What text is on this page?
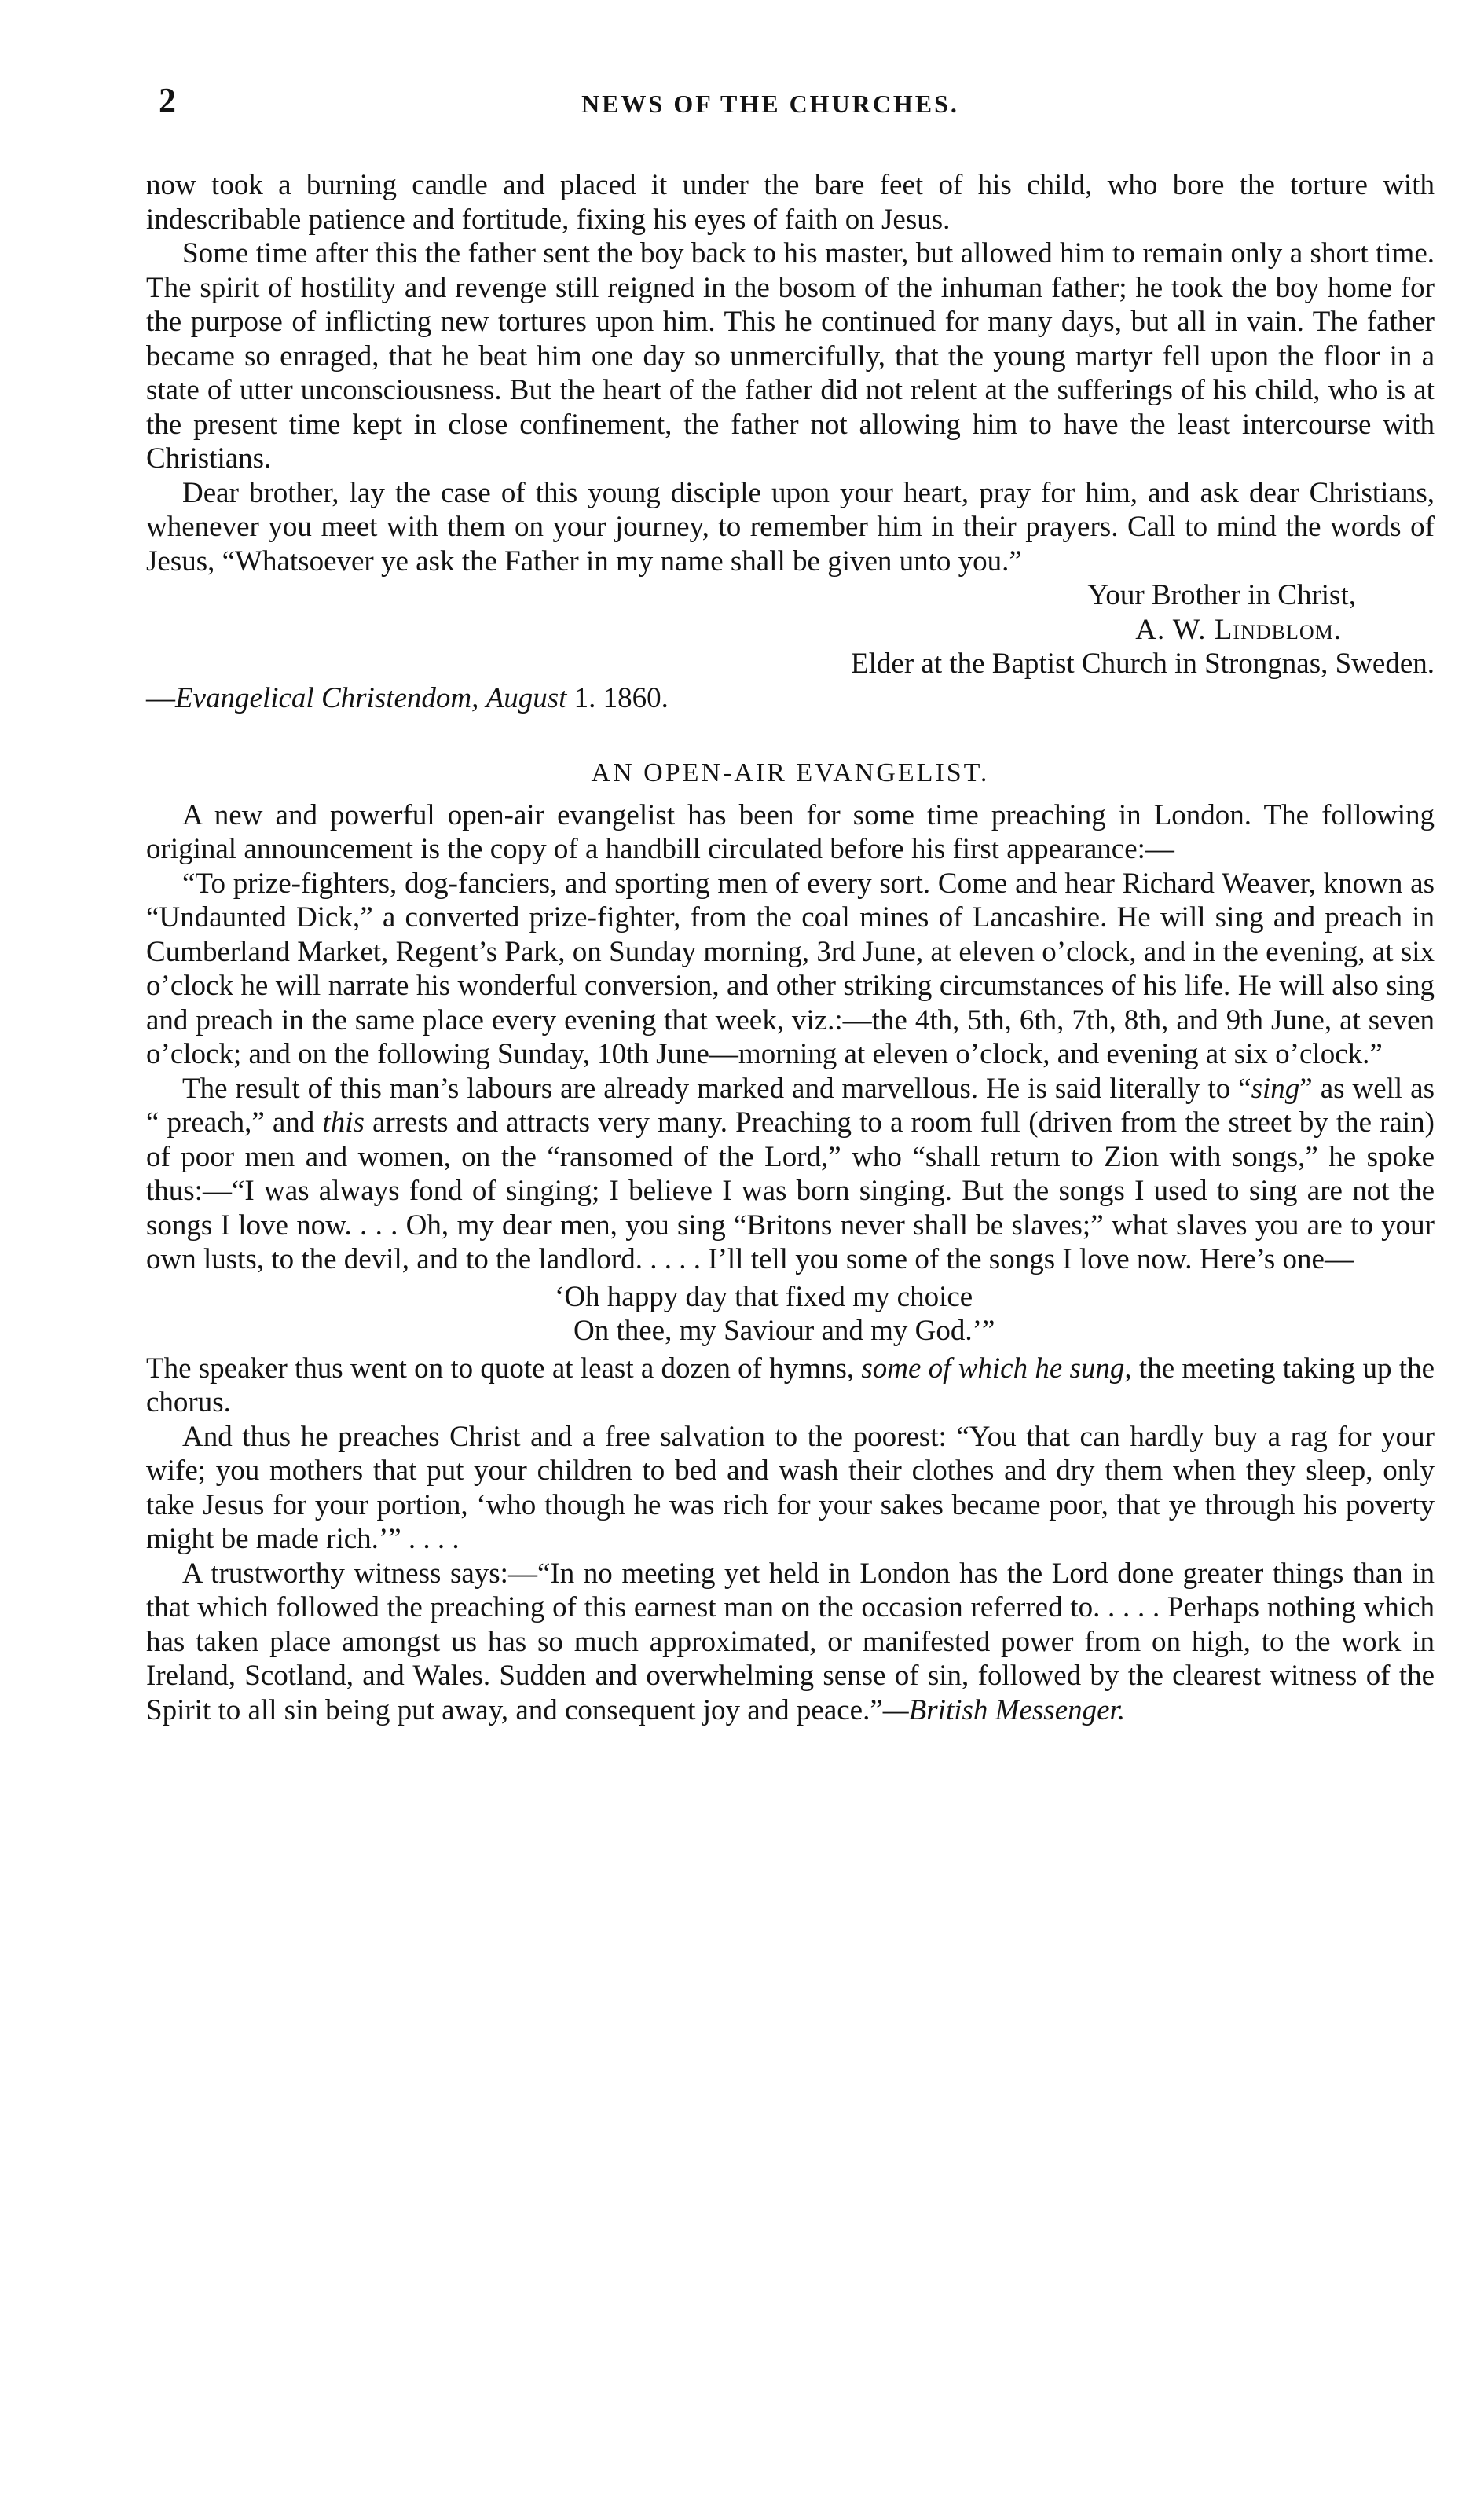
2	NEWS OF THE CHURCHES.

now took a burning candle and placed it under the bare feet of his child, who bore the torture with indescribable patience and fortitude, fixing his eyes of faith on Jesus.

Some time after this the father sent the boy back to his master, but allowed him to remain only a short time. The spirit of hostility and revenge still reigned in the bosom of the inhuman father; he took the boy home for the purpose of inflicting new tortures upon him. This he continued for many days, but all in vain. The father became so enraged, that he beat him one day so unmercifully, that the young martyr fell upon the floor in a state of utter unconsciousness. But the heart of the father did not relent at the sufferings of his child, who is at the present time kept in close confinement, the father not allowing him to have the least intercourse with Christians.

Dear brother, lay the case of this young disciple upon your heart, pray for him, and ask dear Christians, whenever you meet with them on your journey, to remember him in their prayers. Call to mind the words of Jesus, “Whatsoever ye ask the Father in my name shall be given unto you.”

Your Brother in Christ,

A. W. Lindblom.

Elder at the Baptist Church in Strongnas, Sweden.

—Evangelical Christendom, August 1. 1860.

AN OPEN-AIR EVANGELIST.

A new and powerful open-air evangelist has been for some time preaching in London. The following original announcement is the copy of a handbill circulated before his first appearance:—

“To prize-fighters, dog-fanciers, and sporting men of every sort. Come and hear Richard Weaver, known as “Undaunted Dick,” a converted prize-fighter, from the coal mines of Lancashire. He will sing and preach in Cumberland Market, Regent’s Park, on Sunday morning, 3rd June, at eleven o’clock, and in the evening, at six o’clock he will narrate his wonderful conversion, and other striking circumstances of his life. He will also sing and preach in the same place every evening that week, viz.:—the 4th, 5th, 6th, 7th, 8th, and 9th June, at seven o’clock; and on the following Sunday, 10th June—morning at eleven o’clock, and evening at six o’clock.”

The result of this man’s labours are already marked and marvellous. He is said literally to “sing” as well as “ preach,” and this arrests and attracts very many. Preaching to a room full (driven from the street by the rain) of poor men and women, on the “ransomed of the Lord,” who “shall return to Zion with songs,” he spoke thus:—“I was always fond of singing; I believe I was born singing. But the songs I used to sing are not the songs I love now. . . . Oh, my dear men, you sing “Britons never shall be slaves;” what slaves you are to your own lusts, to the devil, and to the landlord. . . . . I’ll tell you some of the songs I love now. Here’s one—

‘Oh happy day that fixed my choice
On thee, my Saviour and my God.’”

The speaker thus went on to quote at least a dozen of hymns, some of which he sung, the meeting taking up the chorus.

And thus he preaches Christ and a free salvation to the poorest: “You that can hardly buy a rag for your wife; you mothers that put your children to bed and wash their clothes and dry them when they sleep, only take Jesus for your portion, ‘who though he was rich for your sakes became poor, that ye through his poverty might be made rich.’” . . . .

A trustworthy witness says:—“In no meeting yet held in London has the Lord done greater things than in that which followed the preaching of this earnest man on the occasion referred to. . . . . Perhaps nothing which has taken place amongst us has so much approximated, or manifested power from on high, to the work in Ireland, Scotland, and Wales. Sudden and overwhelming sense of sin, followed by the clearest witness of the Spirit to all sin being put away, and consequent joy and peace.”—British Messenger.
